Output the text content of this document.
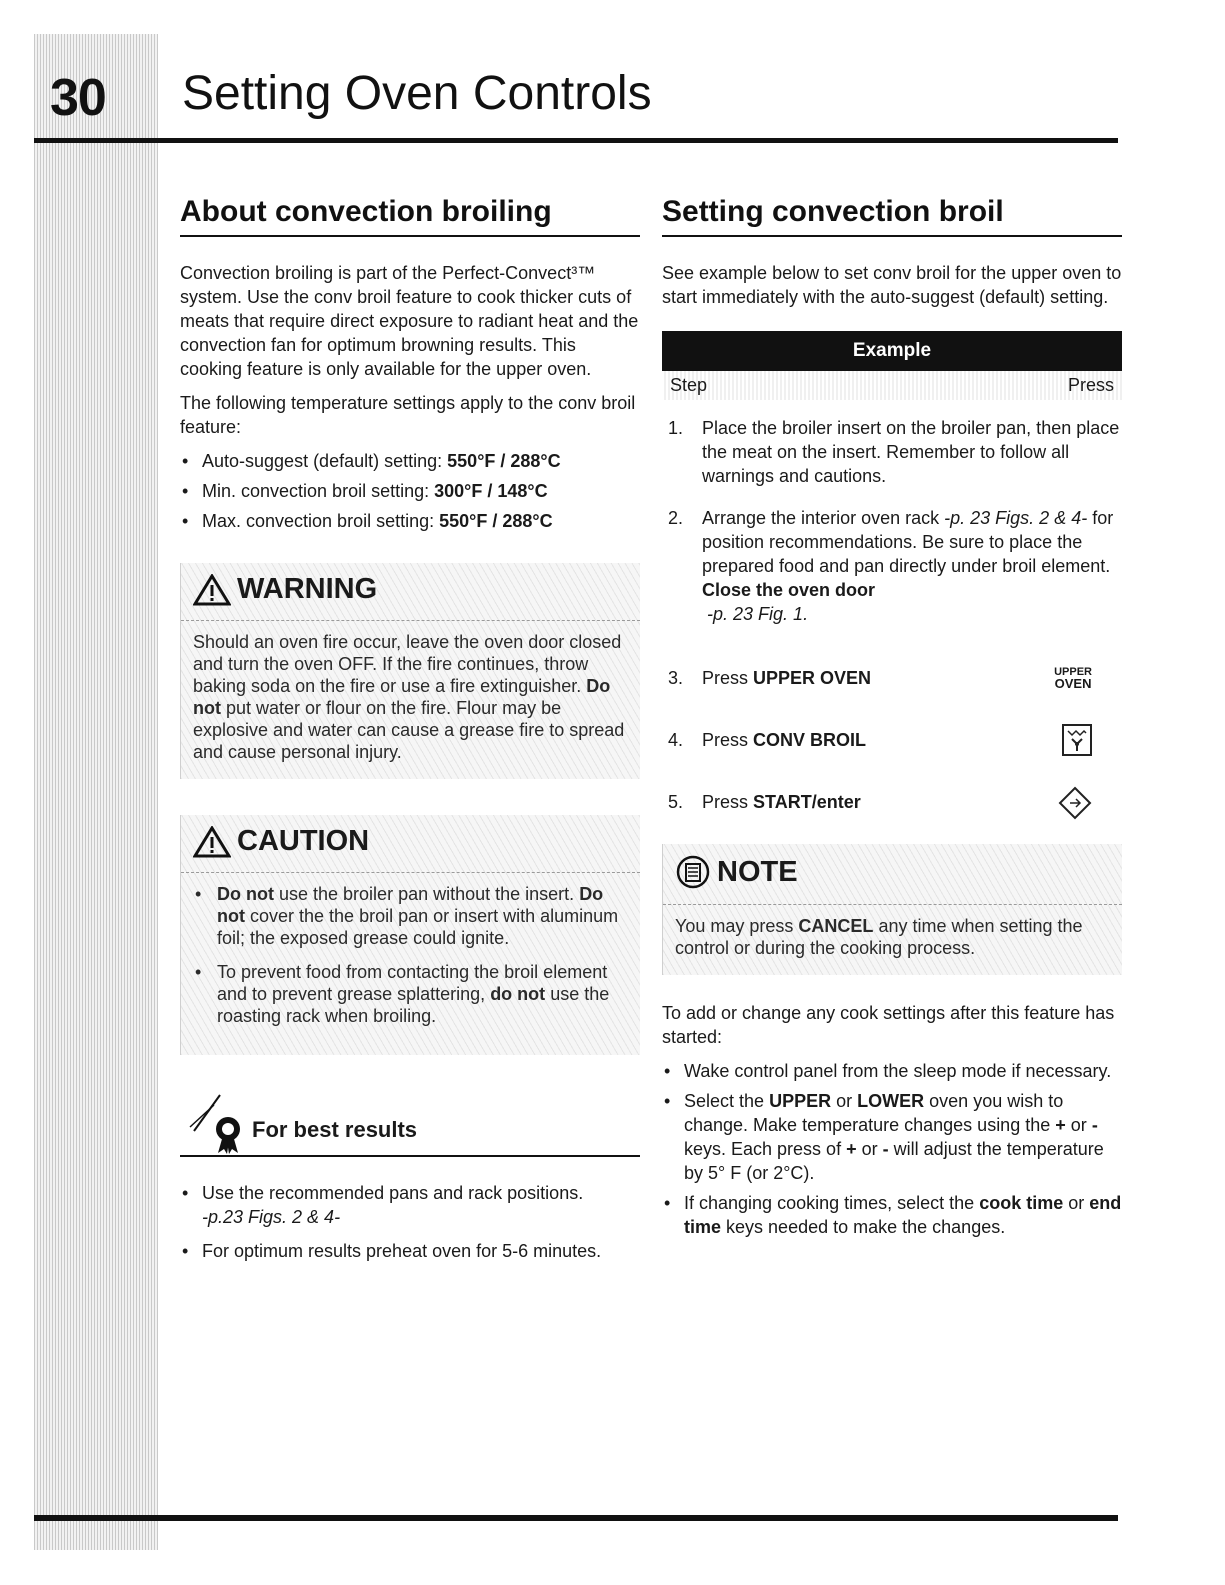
30 Setting Oven Controls
About convection broiling

Convection broiling is part of the Perfect-Convect³™ system. Use the conv broil feature to cook thicker cuts of meats that require direct exposure to radiant heat and the convection fan for optimum browning results. This cooking feature is only available for the upper oven.

The following temperature settings apply to the conv broil feature:

• Auto-suggest (default) setting: 550°F / 288°C
• Min. convection broil setting: 300°F / 148°C
• Max. convection broil setting: 550°F / 288°C
WARNING
Should an oven fire occur, leave the oven door closed and turn the oven OFF. If the fire continues, throw baking soda on the fire or use a fire extinguisher. Do not put water or flour on the fire. Flour may be explosive and water can cause a grease fire to spread and cause personal injury.
CAUTION
• Do not use the broiler pan without the insert. Do not cover the the broil pan or insert with aluminum foil; the exposed grease could ignite.
• To prevent food from contacting the broil element and to prevent grease splattering, do not use the roasting rack when broiling.
For best results
• Use the recommended pans and rack positions.
-p.23 Figs. 2 & 4-
• For optimum results preheat oven for 5-6 minutes.
Setting convection broil

See example below to set conv broil for the upper oven to start immediately with the auto-suggest (default) setting.

Example
Step	Press
1.	Place the broiler insert on the broiler pan, then place the meat on the insert. Remember to follow all warnings and cautions.
2.	Arrange the interior oven rack -p. 23 Figs. 2 & 4- for position recommendations. Be sure to place the prepared food and pan directly under broil element. Close the oven door
-p. 23 Fig. 1.
3.	Press UPPER OVEN	UPPER
OVEN
4.	Press CONV BROIL
5.	Press START/enter
NOTE
You may press CANCEL any time when setting the control or during the cooking process.

To add or change any cook settings after this feature has started:

• Wake control panel from the sleep mode if necessary.
• Select the UPPER or LOWER oven you wish to change. Make temperature changes using the + or - keys. Each press of + or - will adjust the temperature by 5° F (or 2°C).
• If changing cooking times, select the cook time or end time keys needed to make the changes.
